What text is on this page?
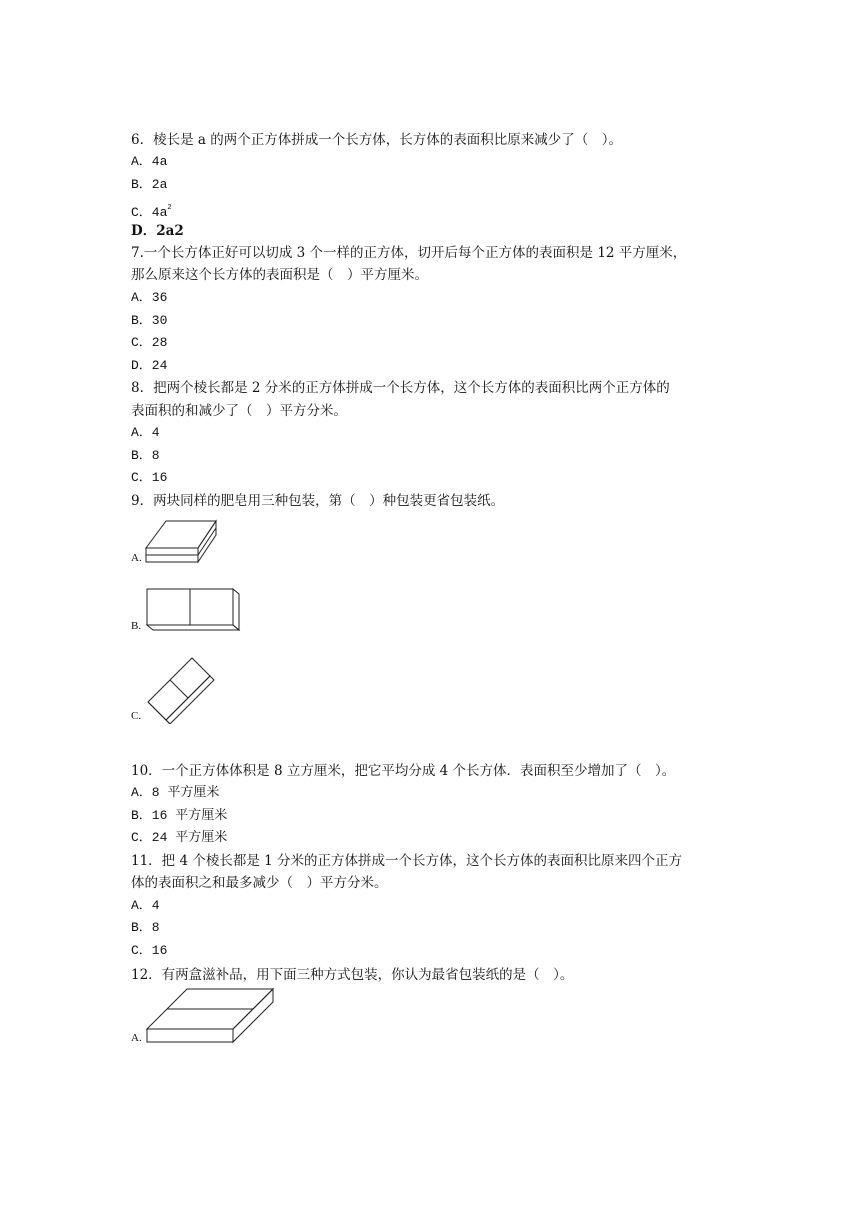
6．棱长是 a 的两个正方体拼成一个长方体，长方体的表面积比原来减少了（　）。
A．4a
B．2a
C．$4a^2$
D．2a2
7.一个长方体正好可以切成 3 个一样的正方体，切开后每个正方体的表面积是 12 平方厘米，
那么原来这个长方体的表面积是（　）平方厘米。
A．36
B．30
C．28
D．24
8．把两个棱长都是 2 分米的正方体拼成一个长方体，这个长方体的表面积比两个正方体的
表面积的和减少了（　）平方分米。
A．4
B．8
C．16
9．两块同样的肥皂用三种包装，第（　）种包装更省包装纸。
A.
B.
C.
10．一个正方体体积是 8 立方厘米，把它平均分成 4 个长方体．表面积至少增加了（　）。
A．8 平方厘米
B．16 平方厘米
C．24 平方厘米
11．把 4 个棱长都是 1 分米的正方体拼成一个长方体，这个长方体的表面积比原来四个正方
体的表面积之和最多减少（　）平方分米。
A．4
B．8
C．16
12．有两盒滋补品，用下面三种方式包装，你认为最省包装纸的是（　）。
A.
